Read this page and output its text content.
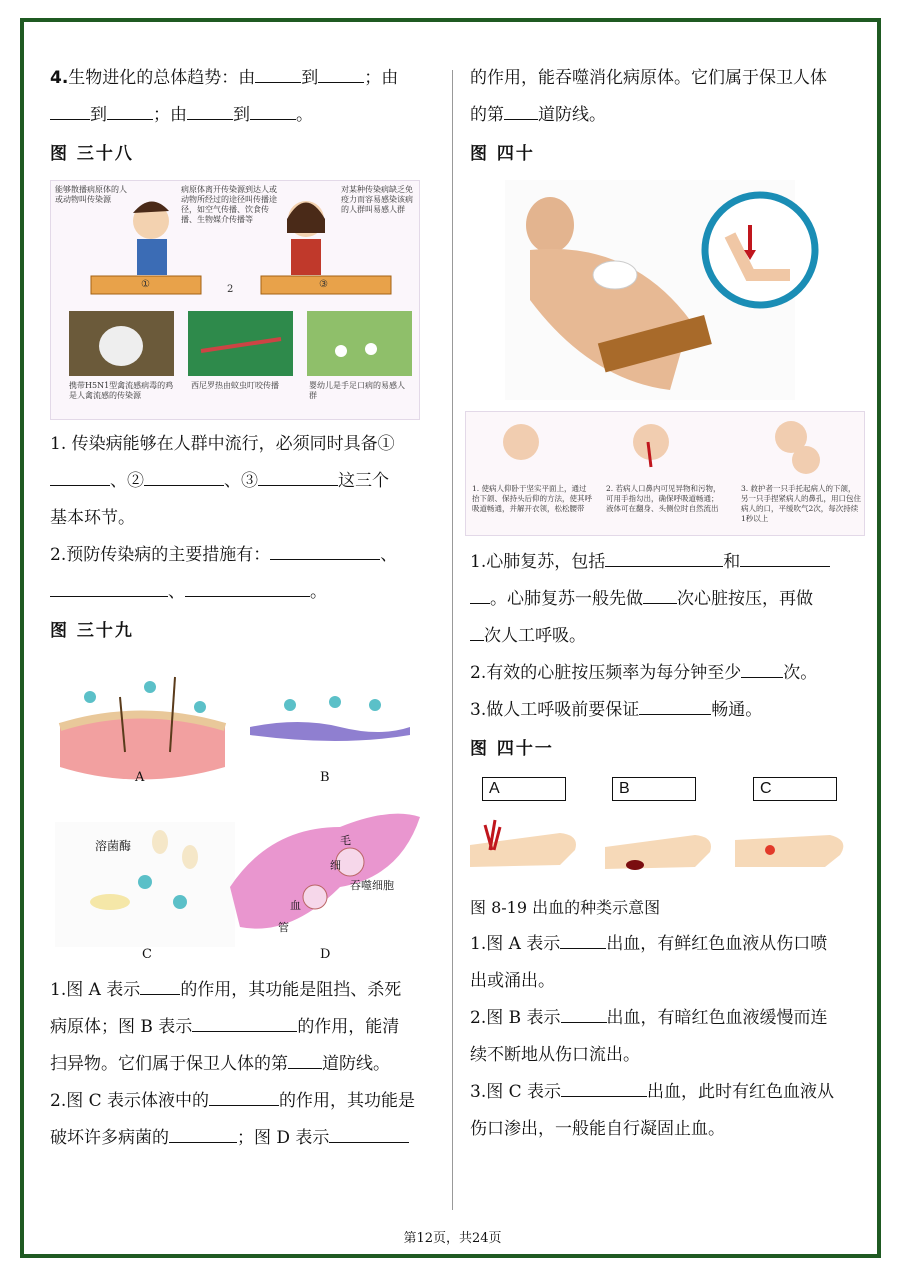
4.生物进化的总体趋势：由	到	；由
到	；由	到	。

图 三十八

能够散播病原体的人或动物叫传染源
病原体离开传染源到达人或动物所经过的途径叫传播途径，如空气传播、饮食传播、生物媒介传播等
对某种传染病缺乏免疫力而容易感染该病的人群叫易感人群
①	2	③
携带H5N1型禽流感病毒的鸡是人禽流感的传染源
西尼罗热由蚊虫叮咬传播	婴幼儿是手足口病的易感人群

1. 传染病能够在人群中流行，必须同时具备①
、②	、③	这三个
基本环节。

2.预防传染病的主要措施有：	、
、	。

图 三十九

A	B
C	D
溶菌酶	毛
细
血
管
吞噬细胞

1.图 A 表示 的作用，其功能是阻挡、杀死
病原体；图 B 表示	的作用，能清
扫异物。它们属于保卫人体的第 道防线。

2.图 C 表示体液中的	的作用，其功能是
破坏许多病菌的	；图 D 表示

的作用，能吞噬消化病原体。它们属于保卫人体
的第 道防线。

图 四十

1. 使病人仰卧于坚实平面上，通过抬下颌、保持头后仰的方法，使其呼吸道畅通，并解开衣领，松松腰带
2. 若病人口鼻内可见异物和污物，可用手指勾出，确保呼吸道畅通；液体可在翻身、头侧位时自然流出
3. 救护者一只手托起病人的下颌，另一只手捏紧病人的鼻孔，用口包住病人的口，平缓吹气2次，每次持续1秒以上

1.心肺复苏，包括	和
。心肺复苏一般先做 次心脏按压，再做
次人工呼吸。

2.有效的心脏按压频率为每分钟至少 次。

3.做人工呼吸前要保证	畅通。

图 四十一

A	B	C

图 8-19 出血的种类示意图

1.图 A 表示	出血，有鲜红色血液从伤口喷
出或涌出。

2.图 B 表示	出血，有暗红色血液缓慢而连
续不断地从伤口流出。

3.图 C 表示	出血，此时有红色血液从
伤口渗出，一般能自行凝固止血。

第12页，共24页
